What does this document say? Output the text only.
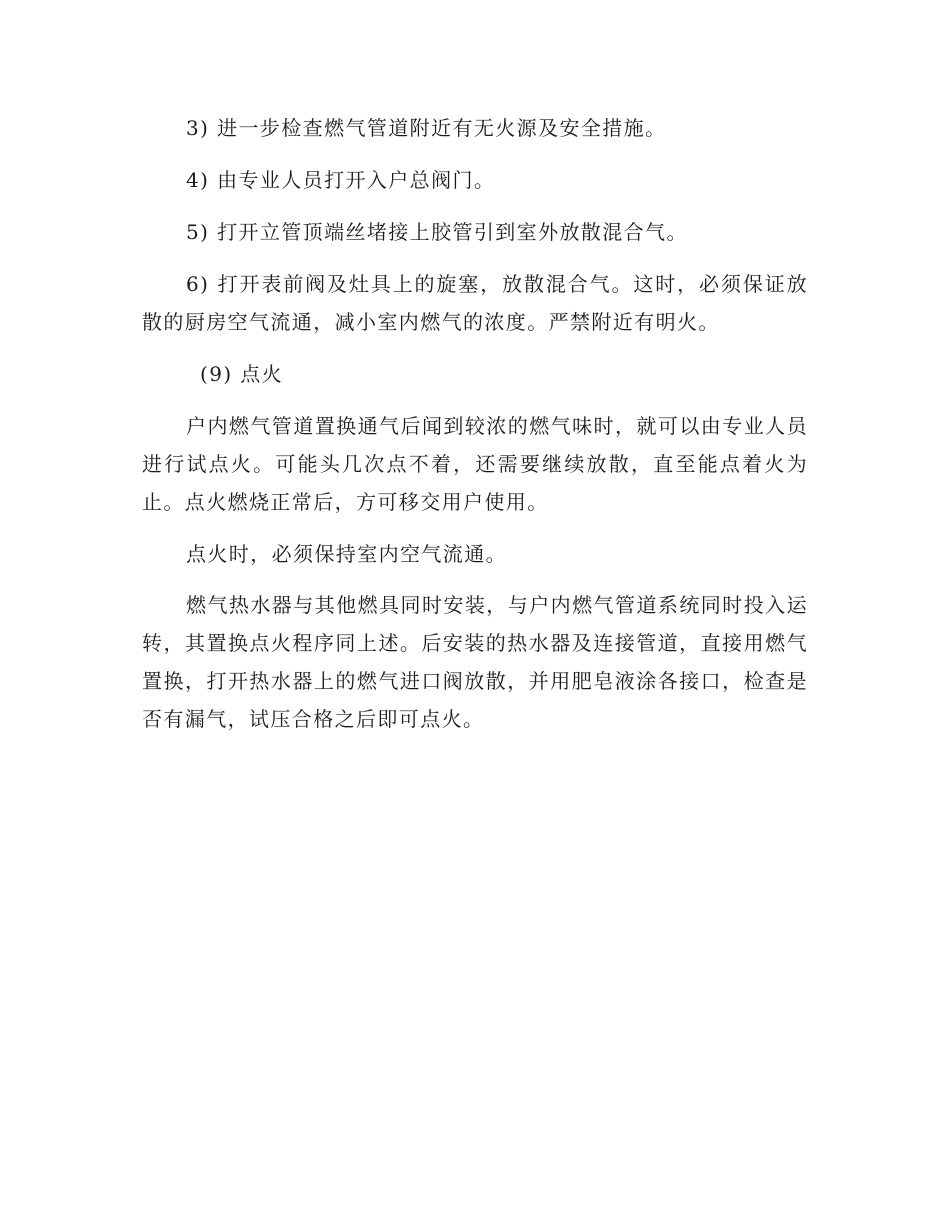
3) 进一步检查燃气管道附近有无火源及安全措施。

4) 由专业人员打开入户总阀门。

5) 打开立管顶端丝堵接上胶管引到室外放散混合气。

6) 打开表前阀及灶具上的旋塞，放散混合气。这时，必须保证放散的厨房空气流通，减小室内燃气的浓度。严禁附近有明火。

(9) 点火

户内燃气管道置换通气后闻到较浓的燃气味时，就可以由专业人员进行试点火。可能头几次点不着，还需要继续放散，直至能点着火为止。点火燃烧正常后，方可移交用户使用。

点火时，必须保持室内空气流通。

燃气热水器与其他燃具同时安装，与户内燃气管道系统同时投入运转，其置换点火程序同上述。后安装的热水器及连接管道，直接用燃气置换，打开热水器上的燃气进口阀放散，并用肥皂液涂各接口，检查是否有漏气，试压合格之后即可点火。
